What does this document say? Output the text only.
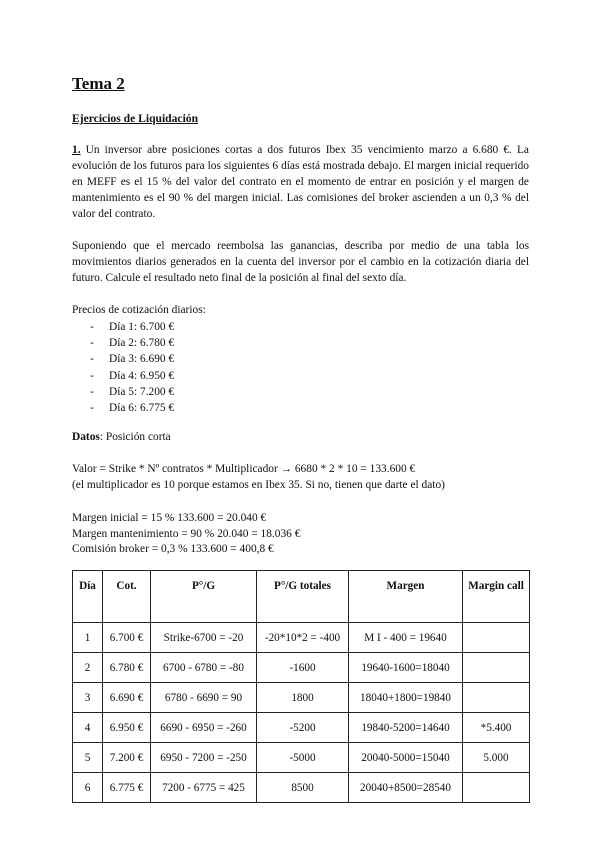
Tema 2
Ejercicios de Liquidación

1. Un inversor abre posiciones cortas a dos futuros Ibex 35 vencimiento marzo a 6.680 €. La evolución de los futuros para los siguientes 6 días está mostrada debajo. El margen inicial requerido en MEFF es el 15 % del valor del contrato en el momento de entrar en posición y el margen de mantenimiento es el 90 % del margen inicial. Las comisiones del broker ascienden a un 0,3 % del valor del contrato.

Suponiendo que el mercado reembolsa las ganancias, describa por medio de una tabla los movimientos diarios generados en la cuenta del inversor por el cambio en la cotización diaria del futuro. Calcule el resultado neto final de la posición al final del sexto día.

Precios de cotización diarios:
- Día 1: 6.700 €
- Día 2: 6.780 €
- Día 3: 6.690 €
- Día 4: 6.950 €
- Día 5: 7.200 €
- Día 6: 6.775 €
Datos: Posición corta
Valor = Strike * Nº contratos * Multiplicador → 6680 * 2 * 10 = 133.600 €
(el multiplicador es 10 porque estamos en Ibex 35. Si no, tienen que darte el dato)
Margen inicial = 15 % 133.600 = 20.040 €
Margen mantenimiento = 90 % 20.040 = 18.036 €
Comisión broker = 0,3 % 133.600 = 400,8 €
Día	Cot.	P°/G	P°/G totales	Margen	Margin call
1	6.700 €	Strike-6700 = -20	-20*10*2 = -400	M I - 400 = 19640	
2	6.780 €	6700 - 6780 = -80	-1600	19640-1600=18040	
3	6.690 €	6780 - 6690 = 90	1800	18040+1800=19840	
4	6.950 €	6690 - 6950 = -260	-5200	19840-5200=14640	*5.400
5	7.200 €	6950 - 7200 = -250	-5000	20040-5000=15040	5.000
6	6.775 €	7200 - 6775 = 425	8500	20040+8500=28540	
